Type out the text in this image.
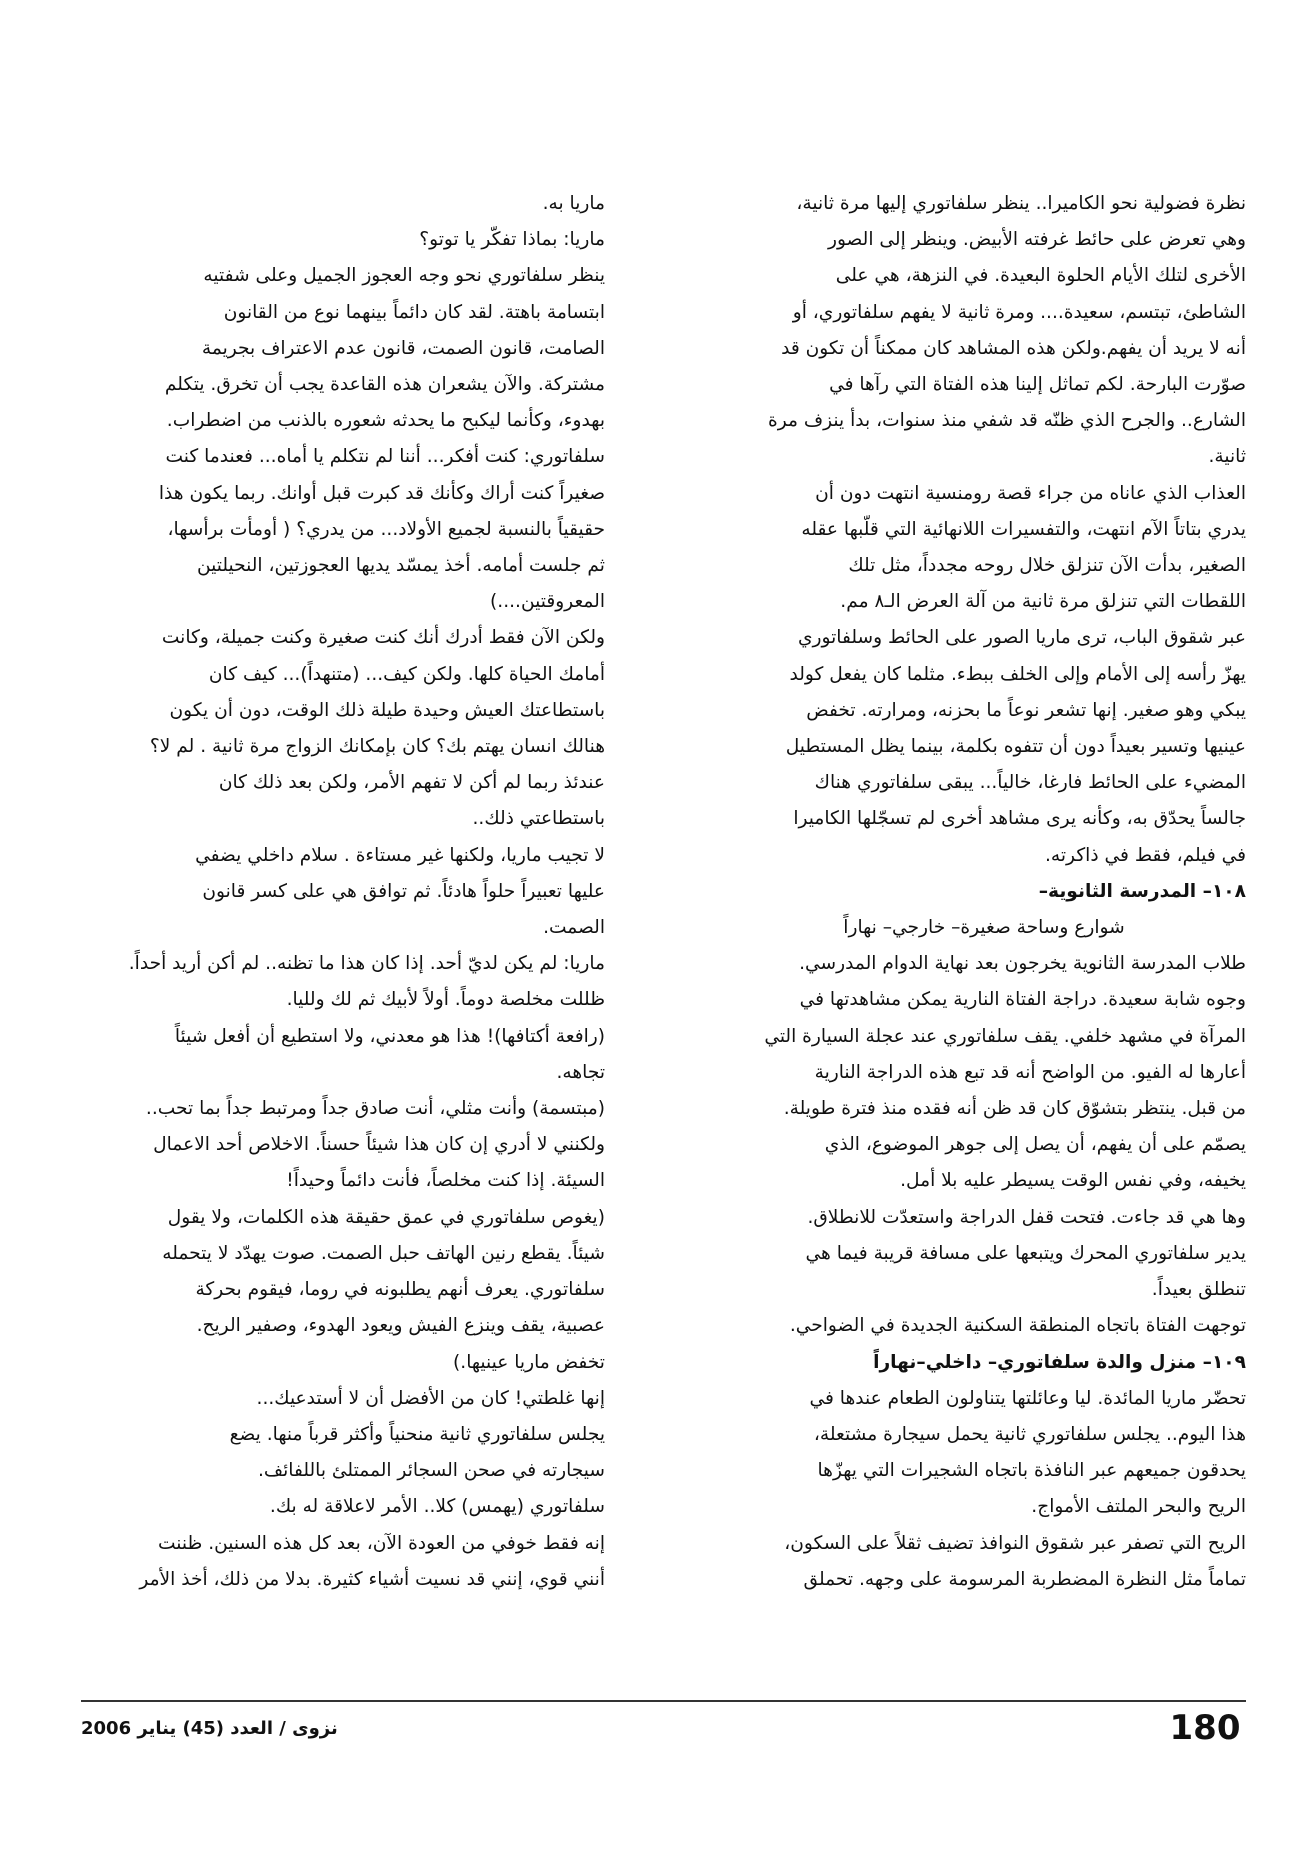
نظرة فضولية نحو الكاميرا.. ينظر سلفاتوري إليها مرة ثانية،
وهي تعرض على حائط غرفته الأبيض. وينظر إلى الصور
الأخرى لتلك الأيام الحلوة البعيدة. في النزهة، هي على
الشاطئ، تبتسم، سعيدة.... ومرة ثانية لا يفهم سلفاتوري، أو
أنه لا يريد أن يفهم.ولكن هذه المشاهد كان ممكناً أن تكون قد
صوّرت البارحة. لكم تماثل إلينا هذه الفتاة التي رآها في
الشارع.. والجرح الذي ظنّه قد شفي منذ سنوات، بدأ ينزف مرة
ثانية.
العذاب الذي عاناه من جراء قصة رومنسية انتهت دون أن
يدري بتاتاً الآم انتهت، والتفسيرات اللانهائية التي قلّبها عقله
الصغير، بدأت الآن تنزلق خلال روحه مجدداً، مثل تلك
اللقطات التي تنزلق مرة ثانية من آلة العرض الـ٨ مم.
عبر شقوق الباب، ترى ماريا الصور على الحائط وسلفاتوري
يهزّ رأسه إلى الأمام وإلى الخلف ببطء. مثلما كان يفعل كولد
يبكي وهو صغير. إنها تشعر نوعاً ما بحزنه، ومرارته. تخفض
عينيها وتسير بعيداً دون أن تتفوه بكلمة، بينما يظل المستطيل
المضيء على الحائط فارغا، خالياً... يبقى سلفاتوري هناك
جالساً يحدّق به، وكأنه يرى مشاهد أخرى لم تسجّلها الكاميرا
في فيلم، فقط في ذاكرته.
١٠٨– المدرسة الثانوية–
شوارع وساحة صغيرة– خارجي– نهاراً
طلاب المدرسة الثانوية يخرجون بعد نهاية الدوام المدرسي.
وجوه شابة سعيدة. دراجة الفتاة النارية يمكن مشاهدتها في
المرآة في مشهد خلفي. يقف سلفاتوري عند عجلة السيارة التي
أعارها له الفيو. من الواضح أنه قد تبع هذه الدراجة النارية
من قبل. ينتظر بتشوّق كان قد ظن أنه فقده منذ فترة طويلة.
يصمّم على أن يفهم، أن يصل إلى جوهر الموضوع، الذي
يخيفه، وفي نفس الوقت يسيطر عليه بلا أمل.
وها هي قد جاءت. فتحت قفل الدراجة واستعدّت للانطلاق.
يدير سلفاتوري المحرك ويتبعها على مسافة قريبة فيما هي
تنطلق بعيداً.
توجهت الفتاة باتجاه المنطقة السكنية الجديدة في الضواحي.
١٠٩– منزل والدة سلفاتوري– داخلي–نهاراً
تحضّر ماريا المائدة. ليا وعائلتها يتناولون الطعام عندها في
هذا اليوم.. يجلس سلفاتوري ثانية يحمل سيجارة مشتعلة،
يحدقون جميعهم عبر النافذة باتجاه الشجيرات التي يهزّها
الريح والبحر الملتف الأمواج.
الريح التي تصفر عبر شقوق النوافذ تضيف ثقلاً على السكون،
تماماً مثل النظرة المضطربة المرسومة على وجهه. تحملق
ماريا به.
ماريا: بماذا تفكّر يا توتو؟
ينظر سلفاتوري نحو وجه العجوز الجميل وعلى شفتيه
ابتسامة باهتة. لقد كان دائماً بينهما نوع من القانون
الصامت، قانون الصمت، قانون عدم الاعتراف بجريمة
مشتركة. والآن يشعران هذه القاعدة يجب أن تخرق. يتكلم
بهدوء، وكأنما ليكبح ما يحدثه شعوره بالذنب من اضطراب.
سلفاتوري: كنت أفكر... أننا لم نتكلم يا أماه... فعندما كنت
صغيراً كنت أراك وكأنك قد كبرت قبل أوانك. ربما يكون هذا
حقيقياً بالنسبة لجميع الأولاد... من يدري؟ ( أومأت برأسها،
ثم جلست أمامه. أخذ يمسّد يديها العجوزتين، النحيلتين
المعروقتين....)
ولكن الآن فقط أدرك أنك كنت صغيرة وكنت جميلة، وكانت
أمامك الحياة كلها. ولكن كيف... (متنهداً)... كيف كان
باستطاعتك العيش وحيدة طيلة ذلك الوقت، دون أن يكون
هنالك انسان يهتم بك؟ كان بإمكانك الزواج مرة ثانية . لم لا؟
عندئذ ربما لم أكن لا تفهم الأمر، ولكن بعد ذلك كان
باستطاعتي ذلك..
لا تجيب ماريا، ولكنها غير مستاءة . سلام داخلي يضفي
عليها تعبيراً حلواً هادئاً. ثم توافق هي على كسر قانون
الصمت.
ماريا: لم يكن لديّ أحد. إذا كان هذا ما تظنه.. لم أكن أريد أحداً.
ظللت مخلصة دوماً. أولاً لأبيك ثم لك ولليا.
(رافعة أكتافها)! هذا هو معدني، ولا استطيع أن أفعل شيئاً
تجاهه.
(مبتسمة) وأنت مثلي، أنت صادق جداً ومرتبط جداً بما تحب..
ولكنني لا أدري إن كان هذا شيئاً حسناً. الاخلاص أحد الاعمال
السيئة. إذا كنت مخلصاً، فأنت دائماً وحيداً!
(يغوص سلفاتوري في عمق حقيقة هذه الكلمات، ولا يقول
شيئاً. يقطع رنين الهاتف حبل الصمت. صوت يهدّد لا يتحمله
سلفاتوري. يعرف أنهم يطلبونه في روما، فيقوم بحركة
عصبية، يقف وينزع الفيش ويعود الهدوء، وصفير الريح.
تخفض ماريا عينيها.)
إنها غلطتي! كان من الأفضل أن لا أستدعيك...
يجلس سلفاتوري ثانية منحنياً وأكثر قرباً منها. يضع
سيجارته في صحن السجائر الممتلئ باللفائف.
سلفاتوري (يهمس) كلا.. الأمر لاعلاقة له بك.
إنه فقط خوفي من العودة الآن، بعد كل هذه السنين. ظننت
أنني قوي، إنني قد نسيت أشياء كثيرة. بدلا من ذلك، أخذ الأمر
180
نزوى / العدد (45) يناير 2006
